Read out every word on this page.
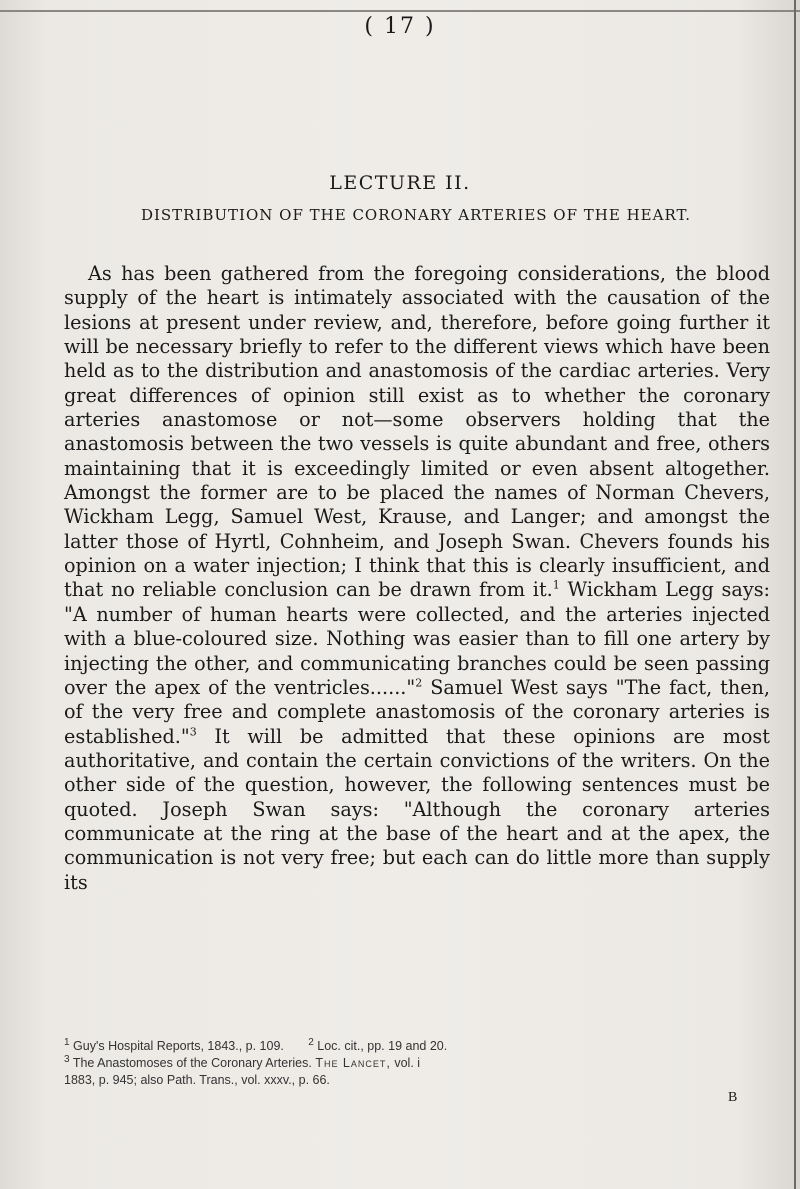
( 17 )
LECTURE II.
DISTRIBUTION OF THE CORONARY ARTERIES OF THE HEART.
As has been gathered from the foregoing considerations, the blood supply of the heart is intimately associated with the causation of the lesions at present under review, and, therefore, before going further it will be necessary briefly to refer to the different views which have been held as to the distribution and anastomosis of the cardiac arteries. Very great differences of opinion still exist as to whether the coronary arteries anastomose or not—some observers holding that the anastomosis between the two vessels is quite abundant and free, others maintaining that it is exceedingly limited or even absent altogether. Amongst the former are to be placed the names of Norman Chevers, Wickham Legg, Samuel West, Krause, and Langer; and amongst the latter those of Hyrtl, Cohnheim, and Joseph Swan. Chevers founds his opinion on a water injection; I think that this is clearly insufficient, and that no reliable conclusion can be drawn from it.$^1$ Wickham Legg says: "A number of human hearts were collected, and the arteries injected with a blue-coloured size. Nothing was easier than to fill one artery by injecting the other, and communicating branches could be seen passing over the apex of the ventricles......"$^2$ Samuel West says "The fact, then, of the very free and complete anastomosis of the coronary arteries is established."$^3$ It will be admitted that these opinions are most authoritative, and contain the certain convictions of the writers. On the other side of the question, however, the following sentences must be quoted. Joseph Swan says: "Although the coronary arteries communicate at the ring at the base of the heart and at the apex, the communication is not very free; but each can do little more than supply its
$^1$ Guy's Hospital Reports, 1843., p. 109. $^2$ Loc. cit., pp. 19 and 20.
$^3$ The Anastomoses of the Coronary Arteries. The Lancet, vol. i
1883, p. 945; also Path. Trans., vol. xxxv., p. 66.
B
